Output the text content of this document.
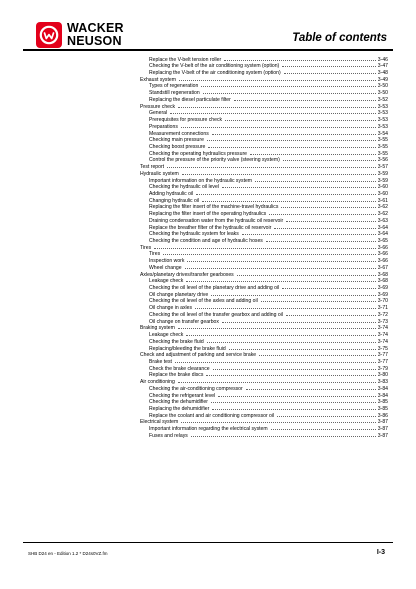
WACKER
NEUSON	Table of contents
Replace the V-belt tension roller	3-46
Checking the V-belt of the air conditioning system (option)	3-47
Replacing the V-belt of the air conditioning system (option)	3-48
Exhaust system	3-49
Types of regeneration	3-50
Standstill regeneration	3-50
Replacing the diesel particulate filter	3-52
Pressure check	3-53
General	3-53
Prerequisites for pressure check	3-53
Preparations	3-53
Measurement connections	3-54
Checking main pressure	3-55
Checking boost pressure	3-55
Checking the operating hydraulics pressure	3-55
Control the pressure of the priority valve (steering system)	3-56
Test report	3-57
Hydraulic system	3-59
Important information on the hydraulic system	3-59
Checking the hydraulic oil level	3-60
Adding hydraulic oil	3-60
Changing hydraulic oil	3-61
Replacing the filter insert of the machine-travel hydraulics	3-62
Replacing the filter insert of the operating hydraulics	3-62
Draining condensation water from the hydraulic oil reservoir	3-63
Replace the breather filter of the hydraulic oil reservoir	3-64
Checking the hydraulic system for leaks	3-64
Checking the condition and age of hydraulic hoses	3-65
Tires	3-66
Tires	3-66
Inspection work	3-66
Wheel change	3-67
Axles/planetary drives/transfer gearboxes	3-68
Leakage check	3-68
Checking the oil level of the planetary drive and adding oil	3-69
Oil change planetary drive	3-69
Checking the oil level of the axles and adding oil	3-70
Oil change in axles	3-71
Checking the oil level of the transfer gearbox and adding oil	3-72
Oil change on transfer gearbox	3-73
Braking system	3-74
Leakage check	3-74
Checking the brake fluid	3-74
Replacing/bleeding the brake fluid	3-75
Check and adjustment of parking and service brake	3-77
Brake test	3-77
Check the brake clearance	3-79
Replace the brake discs	3-80
Air conditioning	3-83
Checking the air-conditioning compressor	3-84
Checking the refrigerant level	3-84
Checking the dehumidifier	3-85
Replacing the dehumidifier	3-85
Replace the coolant and air conditioning compressor oil	3-86
Electrical system	3-87
Important information regarding the electrical system	3-87
Fuses and relays	3-87
SHB D24 en - Edition 1.2 * D24s0VZ.fm	I-3
